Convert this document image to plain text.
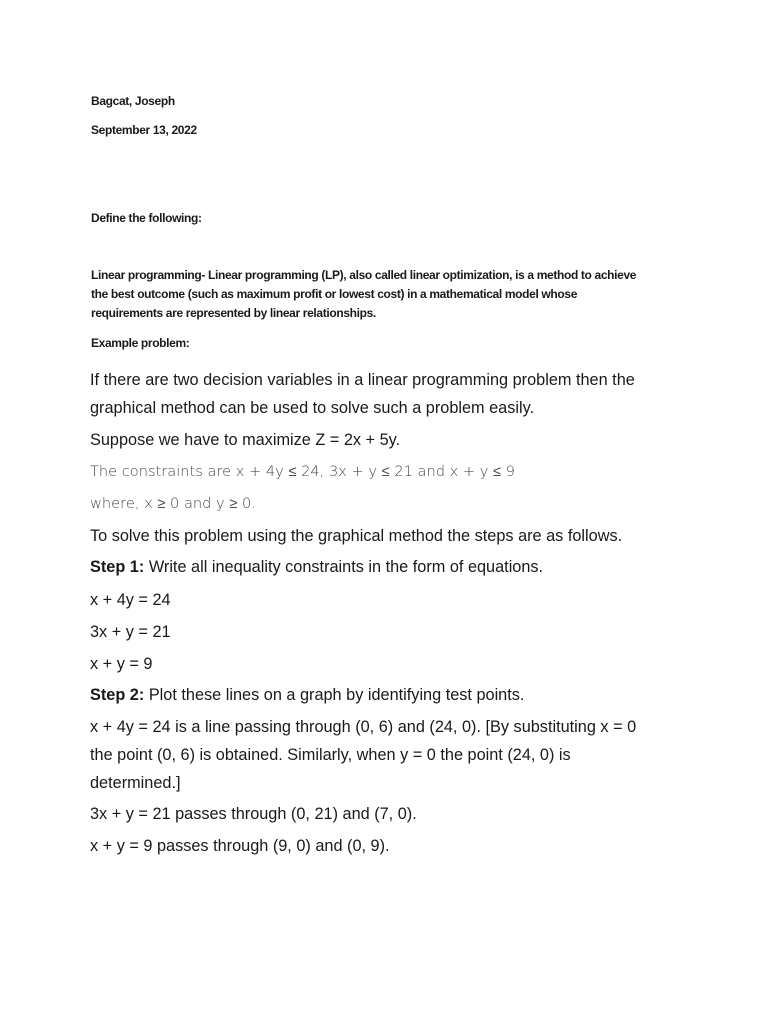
Bagcat, Joseph
September 13, 2022
Define the following:
Linear programming- Linear programming (LP), also called linear optimization, is a method to achieve
the best outcome (such as maximum profit or lowest cost) in a mathematical model whose
requirements are represented by linear relationships.
Example problem:
If there are two decision variables in a linear programming problem then the
graphical method can be used to solve such a problem easily.
Suppose we have to maximize Z = 2x + 5y.
The constraints are x + 4y ≤ 24, 3x + y ≤ 21 and x + y ≤ 9
where, x ≥ 0 and y ≥ 0.
To solve this problem using the graphical method the steps are as follows.
Step 1: Write all inequality constraints in the form of equations.
x + 4y = 24
3x + y = 21
x + y = 9
Step 2: Plot these lines on a graph by identifying test points.
x + 4y = 24 is a line passing through (0, 6) and (24, 0). [By substituting x = 0
the point (0, 6) is obtained. Similarly, when y = 0 the point (24, 0) is
determined.]
3x + y = 21 passes through (0, 21) and (7, 0).
x + y = 9 passes through (9, 0) and (0, 9).
